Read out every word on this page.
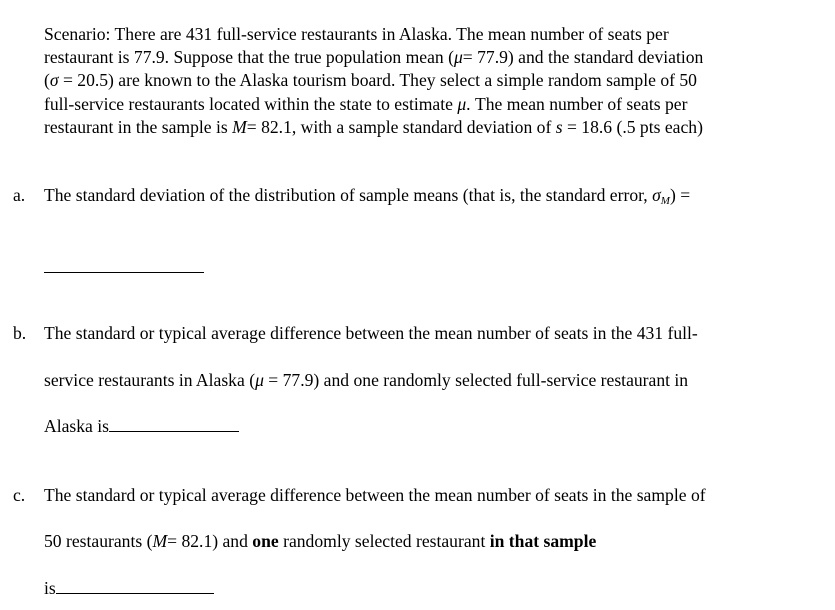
Scenario: There are 431 full-service restaurants in Alaska. The mean number of seats per
restaurant is 77.9. Suppose that the true population mean (μ= 77.9) and the standard deviation
(σ = 20.5) are known to the Alaska tourism board. They select a simple random sample of 50
full-service restaurants located within the state to estimate μ. The mean number of seats per
restaurant in the sample is M= 82.1, with a sample standard deviation of s = 18.6 (.5 pts each)
a. The standard deviation of the distribution of sample means (that is, the standard error, $\sigma_M$) =
b. The standard or typical average difference between the mean number of seats in the 431 full-
service restaurants in Alaska (μ = 77.9) and one randomly selected full-service restaurant in
Alaska is
c. The standard or typical average difference between the mean number of seats in the sample of
50 restaurants (M= 82.1) and one randomly selected restaurant in that sample
is
